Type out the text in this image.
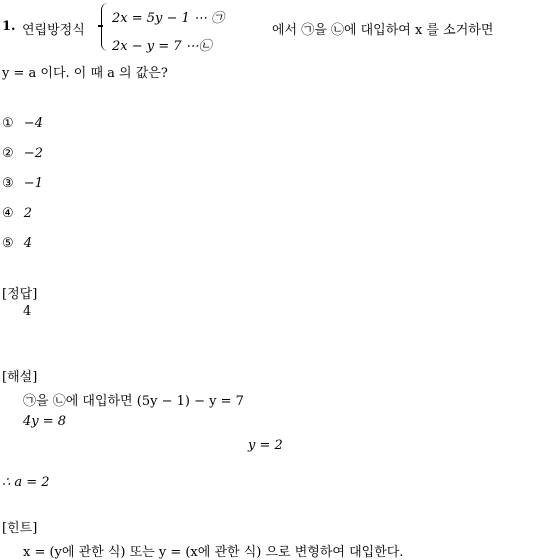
1. 연립방정식
2x = 5y − 1 ⋯ ㉠
2x − y = 7 ⋯㉡
에서 ㉠을 ㉡에 대입하여 x 를 소거하면
y = a 이다. 이 때 a 의 값은?
① −4
② −2
③ −1
④ 2
⑤ 4
[정답]
4
[해설]
㉠을 ㉡에 대입하면 (5y − 1) − y = 7
4y = 8
y = 2
∴ a = 2
[힌트]
x = (y에 관한 식) 또는 y = (x에 관한 식) 으로 변형하여 대입한다.
